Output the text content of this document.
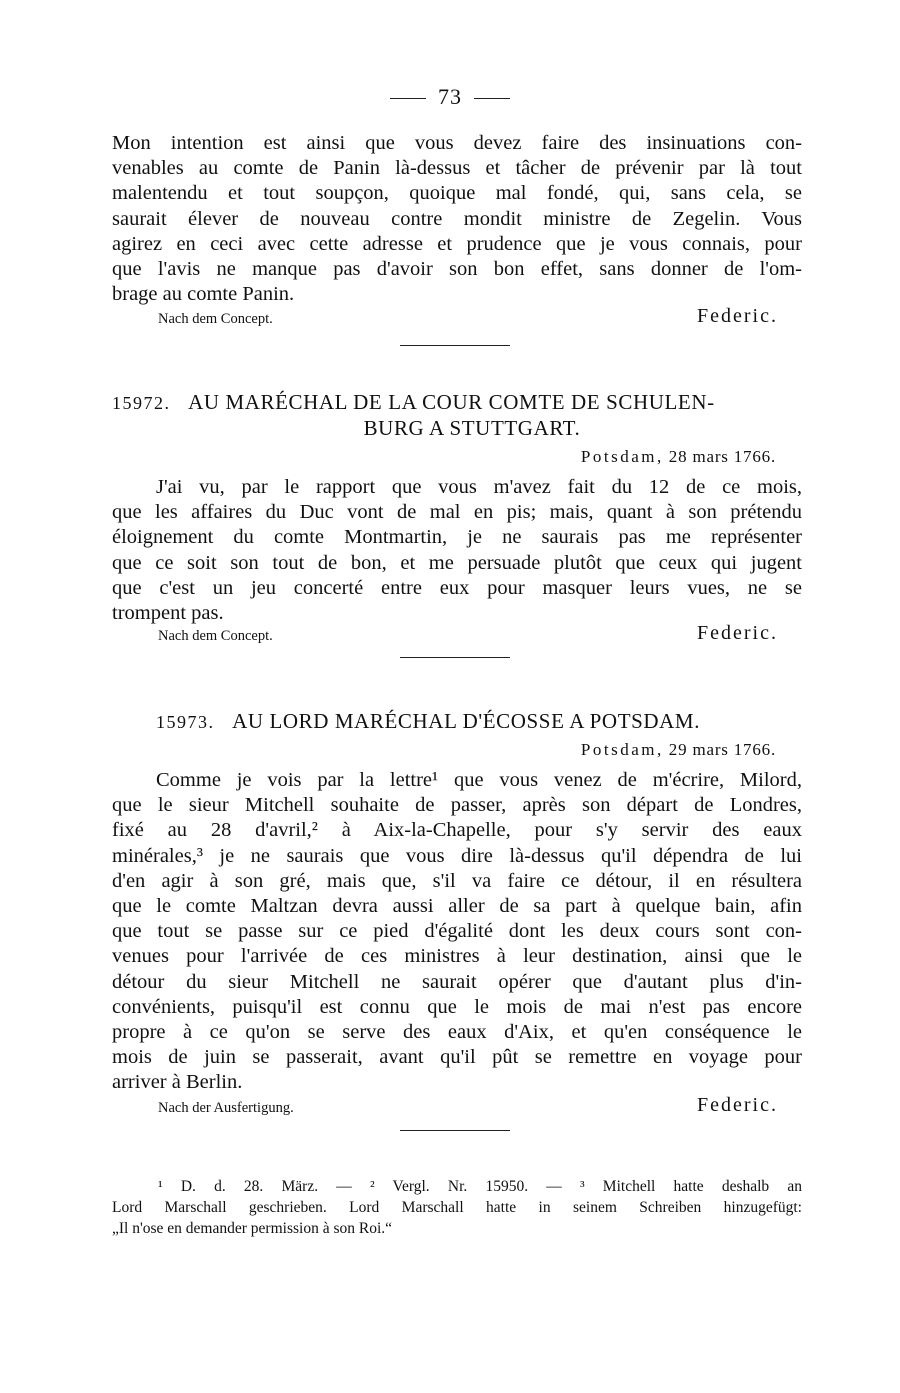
73
Mon intention est ainsi que vous devez faire des insinuations con-
venables au comte de Panin là-dessus et tâcher de prévenir par là tout
malentendu et tout soupçon, quoique mal fondé, qui, sans cela, se
saurait élever de nouveau contre mondit ministre de Zegelin. Vous
agirez en ceci avec cette adresse et prudence que je vous connais, pour
que l'avis ne manque pas d'avoir son bon effet, sans donner de l'om-
brage au comte Panin.
Nach dem Concept.	Federic.
15972. AU MARÉCHAL DE LA COUR COMTE DE SCHULEN-
BURG A STUTTGART.
Potsdam, 28 mars 1766.
J'ai vu, par le rapport que vous m'avez fait du 12 de ce mois,
que les affaires du Duc vont de mal en pis; mais, quant à son prétendu
éloignement du comte Montmartin, je ne saurais pas me représenter
que ce soit son tout de bon, et me persuade plutôt que ceux qui jugent
que c'est un jeu concerté entre eux pour masquer leurs vues, ne se
trompent pas.
Nach dem Concept.	Federic.
15973. AU LORD MARÉCHAL D'ÉCOSSE A POTSDAM.
Potsdam, 29 mars 1766.
Comme je vois par la lettre¹ que vous venez de m'écrire, Milord,
que le sieur Mitchell souhaite de passer, après son départ de Londres,
fixé au 28 d'avril,² à Aix-la-Chapelle, pour s'y servir des eaux
minérales,³ je ne saurais que vous dire là-dessus qu'il dépendra de lui
d'en agir à son gré, mais que, s'il va faire ce détour, il en résultera
que le comte Maltzan devra aussi aller de sa part à quelque bain, afin
que tout se passe sur ce pied d'égalité dont les deux cours sont con-
venues pour l'arrivée de ces ministres à leur destination, ainsi que le
détour du sieur Mitchell ne saurait opérer que d'autant plus d'in-
convénients, puisqu'il est connu que le mois de mai n'est pas encore
propre à ce qu'on se serve des eaux d'Aix, et qu'en conséquence le
mois de juin se passerait, avant qu'il pût se remettre en voyage pour
arriver à Berlin.
Nach der Ausfertigung.	Federic.
¹ D. d. 28. März. — ² Vergl. Nr. 15950. — ³ Mitchell hatte deshalb an
Lord Marschall geschrieben. Lord Marschall hatte in seinem Schreiben hinzugefügt:
„Il n'ose en demander permission à son Roi.“
